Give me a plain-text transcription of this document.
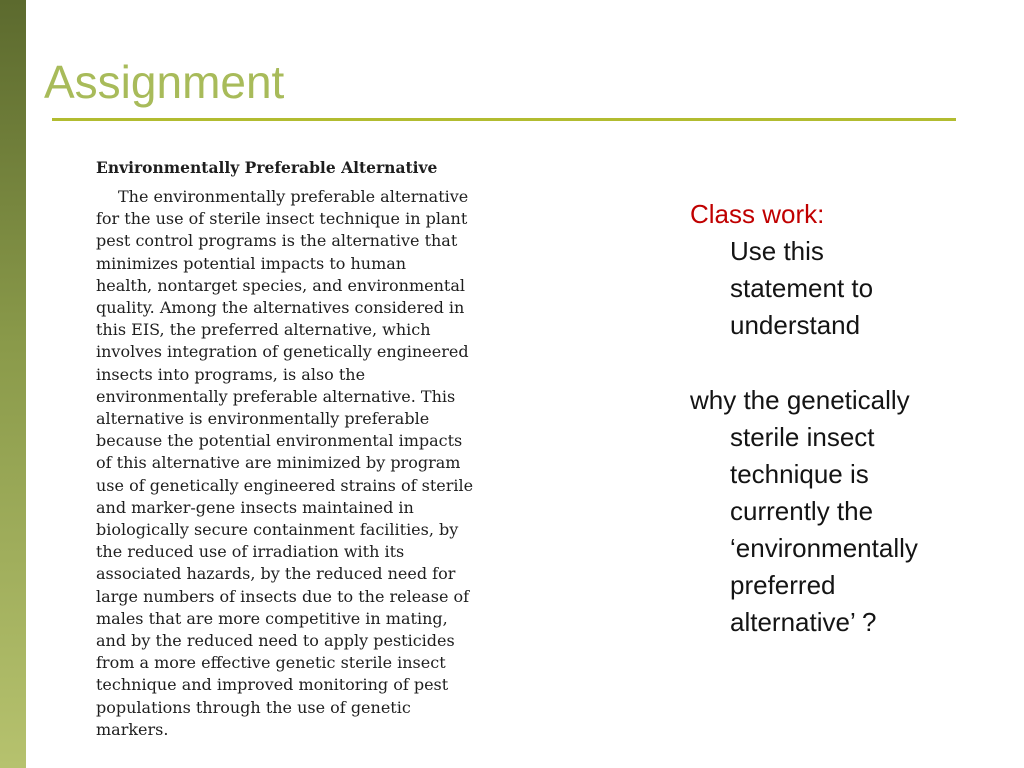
Assignment
Environmentally Preferable Alternative

The environmentally preferable alternative
for the use of sterile insect technique in plant
pest control programs is the alternative that
minimizes potential impacts to human
health, nontarget species, and environmental
quality. Among the alternatives considered in
this EIS, the preferred alternative, which
involves integration of genetically engineered
insects into programs, is also the
environmentally preferable alternative. This
alternative is environmentally preferable
because the potential environmental impacts
of this alternative are minimized by program
use of genetically engineered strains of sterile
and marker-gene insects maintained in
biologically secure containment facilities, by
the reduced use of irradiation with its
associated hazards, by the reduced need for
large numbers of insects due to the release of
males that are more competitive in mating,
and by the reduced need to apply pesticides
from a more effective genetic sterile insect
technique and improved monitoring of pest
populations through the use of genetic
markers.

Class work:
Use this
statement to
understand
why the genetically
sterile insect
technique is
currently the
‘environmentally
preferred
alternative’ ?
